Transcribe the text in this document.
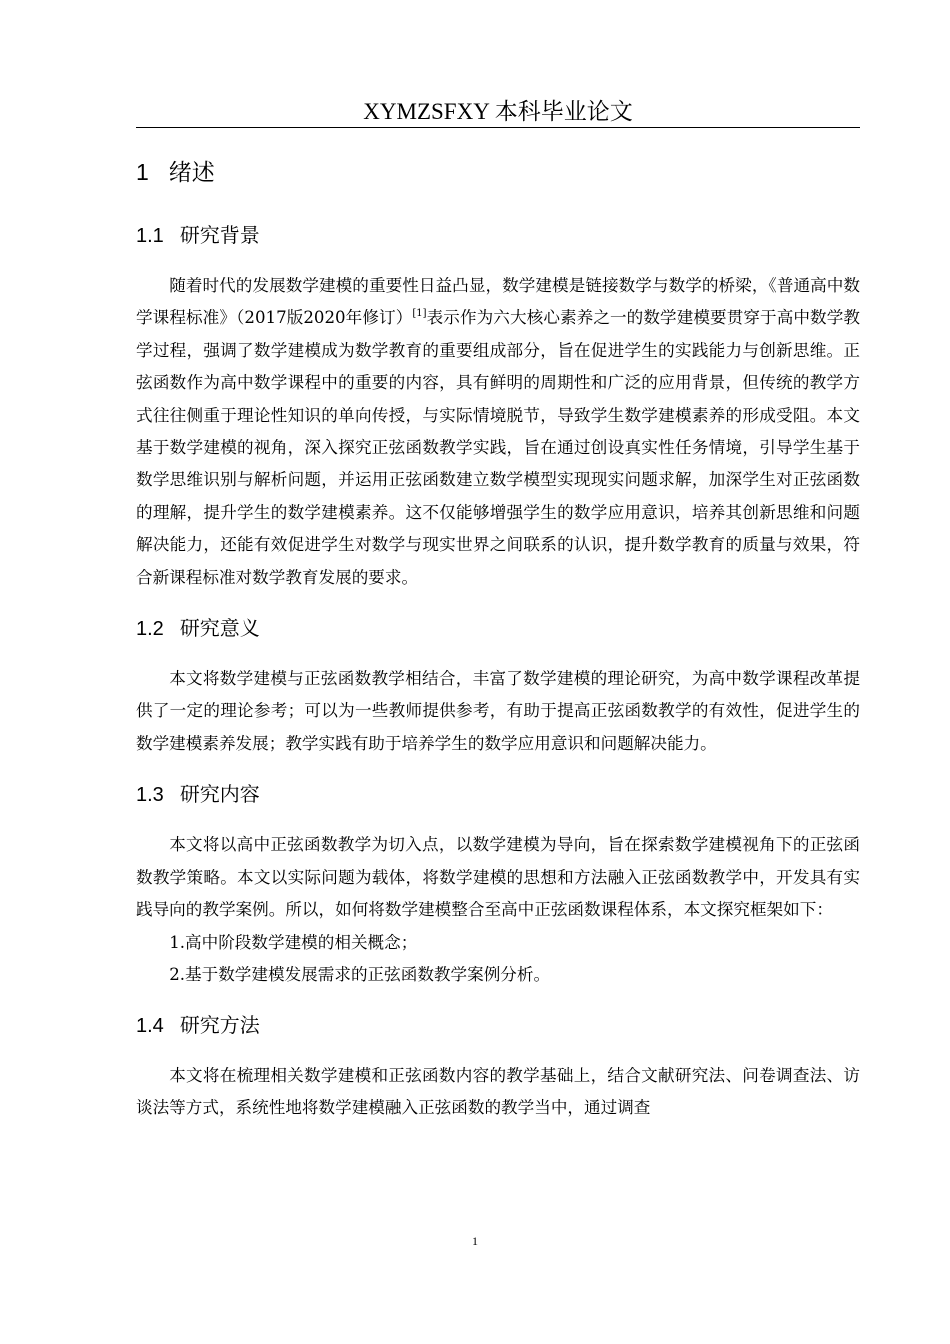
XYMZSFXY 本科毕业论文
1 绪述
1.1 研究背景

随着时代的发展数学建模的重要性日益凸显，数学建模是链接数学与数学的桥梁，《普通高中数学课程标准》（2017版2020年修订）[1]表示作为六大核心素养之一的数学建模要贯穿于高中数学教学过程，强调了数学建模成为数学教育的重要组成部分，旨在促进学生的实践能力与创新思维。正弦函数作为高中数学课程中的重要的内容，具有鲜明的周期性和广泛的应用背景，但传统的教学方式往往侧重于理论性知识的单向传授，与实际情境脱节，导致学生数学建模素养的形成受阻。本文基于数学建模的视角，深入探究正弦函数教学实践，旨在通过创设真实性任务情境，引导学生基于数学思维识别与解析问题，并运用正弦函数建立数学模型实现现实问题求解，加深学生对正弦函数的理解，提升学生的数学建模素养。这不仅能够增强学生的数学应用意识，培养其创新思维和问题解决能力，还能有效促进学生对数学与现实世界之间联系的认识，提升数学教育的质量与效果，符合新课程标准对数学教育发展的要求。

1.2 研究意义

本文将数学建模与正弦函数教学相结合，丰富了数学建模的理论研究，为高中数学课程改革提供了一定的理论参考；可以为一些教师提供参考，有助于提高正弦函数教学的有效性，促进学生的数学建模素养发展；教学实践有助于培养学生的数学应用意识和问题解决能力。

1.3 研究内容

本文将以高中正弦函数教学为切入点，以数学建模为导向，旨在探索数学建模视角下的正弦函数教学策略。本文以实际问题为载体，将数学建模的思想和方法融入正弦函数教学中，开发具有实践导向的教学案例。所以，如何将数学建模整合至高中正弦函数课程体系，本文探究框架如下：

1.高中阶段数学建模的相关概念；

2.基于数学建模发展需求的正弦函数教学案例分析。

1.4 研究方法

本文将在梳理相关数学建模和正弦函数内容的教学基础上，结合文献研究法、问卷调查法、访谈法等方式，系统性地将数学建模融入正弦函数的教学当中，通过调查

1
